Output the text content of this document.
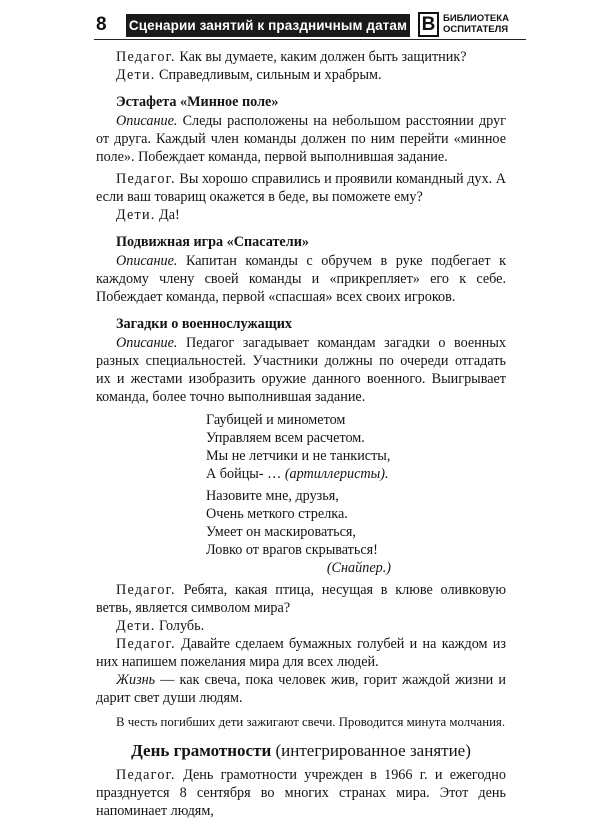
8	Сценарии занятий к праздничным датам В БИБЛИОТЕКА
ОСПИТАТЕЛЯ

Педагог. Как вы думаете, каким должен быть защитник?

Дети. Справедливым, сильным и храбрым.

Эстафета «Минное поле»

Описание. Следы расположены на небольшом расстоянии друг от друга. Каждый член команды должен по ним перейти «минное поле». Побеждает команда, первой выполнившая задание.

Педагог. Вы хорошо справились и проявили командный дух. А если ваш товарищ окажется в беде, вы поможете ему?

Дети. Да!

Подвижная игра «Спасатели»

Описание. Капитан команды с обручем в руке подбегает к каждому члену своей команды и «прикрепляет» его к себе. Побеждает команда, первой «спасшая» всех своих игроков.

Загадки о военнослужащих

Описание. Педагог загадывает командам загадки о военных разных специальностей. Участники должны по очереди отгадать их и жестами изобразить оружие данного военного. Выигрывает команда, более точно выполнившая задание.

Гаубицей и минометом
Управляем всем расчетом.
Мы не летчики и не танкисты,
А бойцы- … (артиллеристы).
Назовите мне, друзья,
Очень меткого стрелка.
Умеет он маскироваться,
Ловко от врагов скрываться!
(Снайпер.)

Педагог. Ребята, какая птица, несущая в клюве оливковую ветвь, является символом мира?

Дети. Голубь.

Педагог. Давайте сделаем бумажных голубей и на каждом из них напишем пожелания мира для всех людей.

Жизнь — как свеча, пока человек жив, горит жаждой жизни и дарит свет души людям.

В честь погибших дети зажигают свечи. Проводится минута молчания.

День грамотности (интегрированное занятие)

Педагог. День грамотности учрежден в 1966 г. и ежегодно празднуется 8 сентября во многих странах мира. Этот день напоминает людям,
